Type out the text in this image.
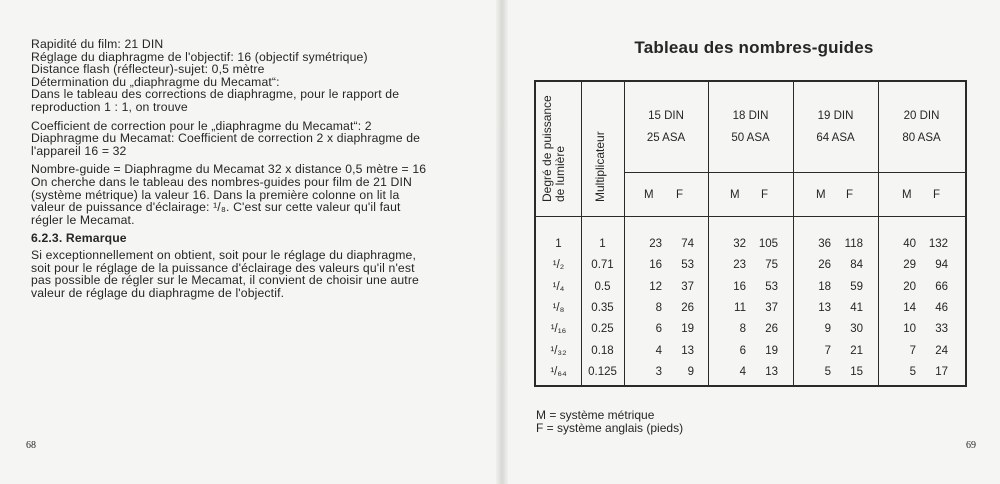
Rapidité du film: 21 DIN
Réglage du diaphragme de l'objectif: 16 (objectif symétrique)
Distance flash (réflecteur)-sujet: 0,5 mètre
Détermination du „diaphragme du Mecamat“:
Dans le tableau des corrections de diaphragme, pour le rapport de
reproduction 1 : 1, on trouve
Coefficient de correction pour le „diaphragme du Mecamat“: 2
Diaphragme du Mecamat: Coefficient de correction 2 x diaphragme de
l'appareil 16 = 32
Nombre-guide = Diaphragme du Mecamat 32 x distance 0,5 mètre = 16
On cherche dans le tableau des nombres-guides pour film de 21 DIN
(système métrique) la valeur 16. Dans la première colonne on lit la
valeur de puissance d'éclairage: ¹/₈. C'est sur cette valeur qu'il faut
régler le Mecamat.
6.2.3. Remarque
Si exceptionnellement on obtient, soit pour le réglage du diaphragme,
soit pour le réglage de la puissance d'éclairage des valeurs qu'il n'est
pas possible de régler sur le Mecamat, il convient de choisir une autre
valeur de réglage du diaphragme de l'objectif.
68
Tableau des nombres-guides
Degré de puissance de lumière Multiplicateur
15 DIN
25 ASA
18 DIN
50 ASA
19 DIN
64 ASA
20 DIN
80 ASA
M F	M F	M F	M F
1	1	23	74	32	105	36	118	40	132
¹/₂	0.71	16	53	23	75	26	84	29	94
¹/₄	0.5	12	37	16	53	18	59	20	66
¹/₈	0.35	8	26	11	37	13	41	14	46
¹/₁₆	0.25	6	19	8	26	9	30	10	33
¹/₃₂	0.18	4	13	6	19	7	21	7	24
¹/₆₄	0.125	3	9	4	13	5	15	5	17
M = système métrique
F = système anglais (pieds)
69
